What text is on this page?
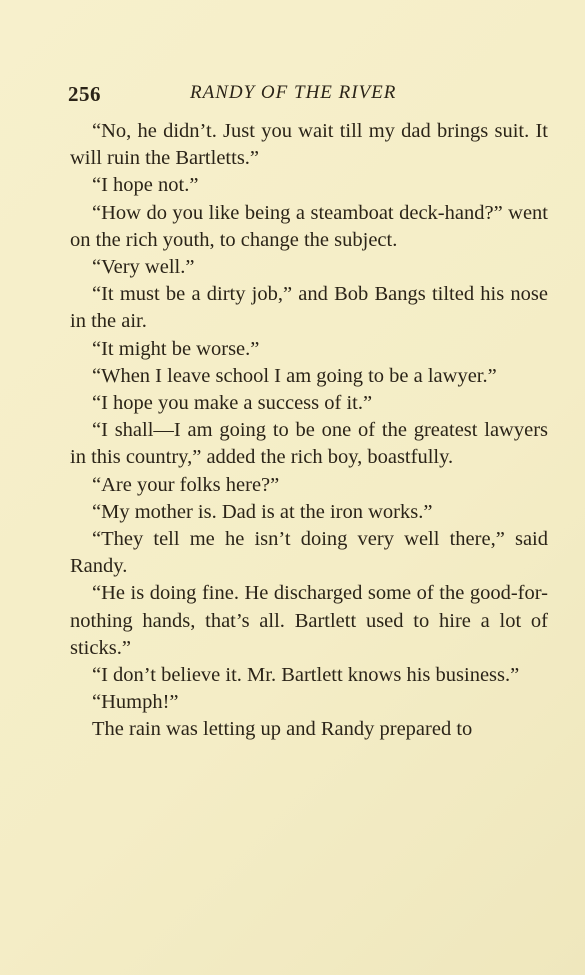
256	RANDY OF THE RIVER

“No, he didn’t. Just you wait till my dad brings suit. It will ruin the Bartletts.”

“I hope not.”

“How do you like being a steamboat deck-hand?” went on the rich youth, to change the subject.

“Very well.”

“It must be a dirty job,” and Bob Bangs tilted his nose in the air.

“It might be worse.”

“When I leave school I am going to be a lawyer.”

“I hope you make a success of it.”

“I shall—I am going to be one of the greatest lawyers in this country,” added the rich boy, boastfully.

“Are your folks here?”

“My mother is. Dad is at the iron works.”

“They tell me he isn’t doing very well there,” said Randy.

“He is doing fine. He discharged some of the good-for-nothing hands, that’s all. Bartlett used to hire a lot of sticks.”

“I don’t believe it. Mr. Bartlett knows his business.”

“Humph!”

The rain was letting up and Randy prepared to
